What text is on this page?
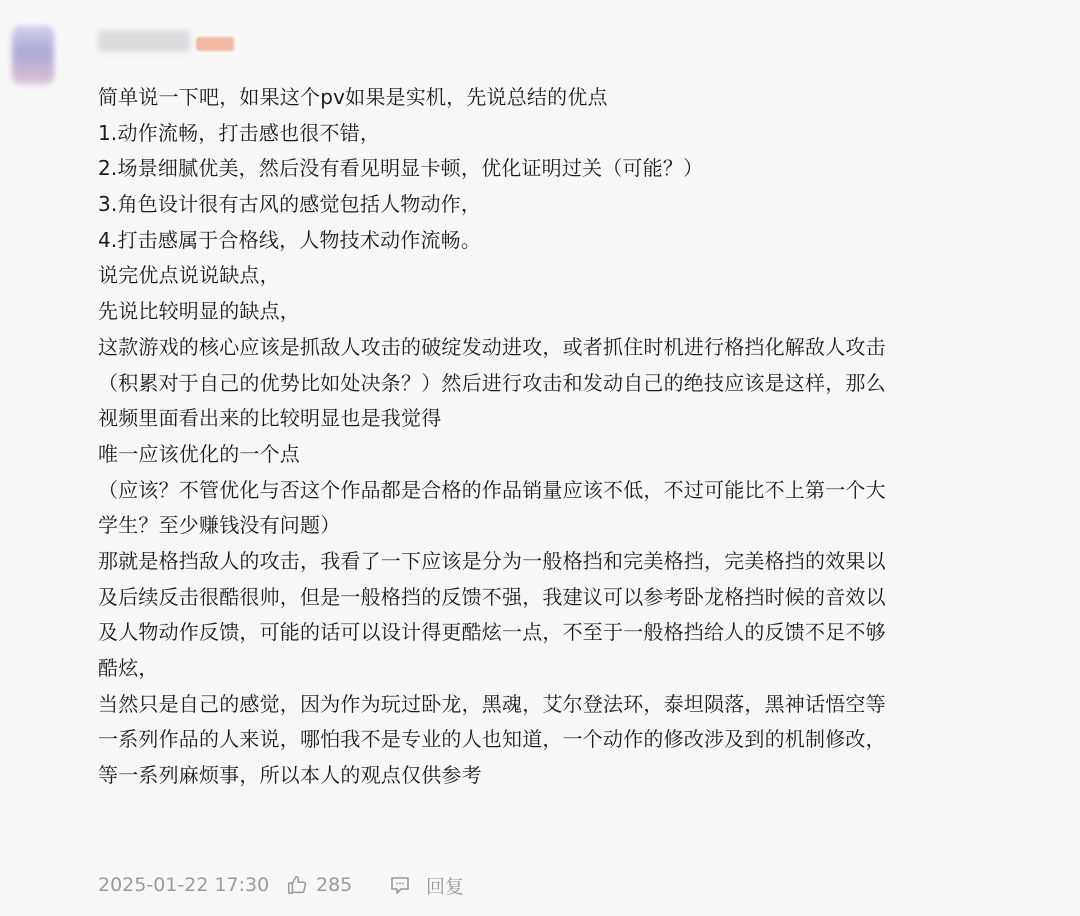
简单说一下吧，如果这个pv如果是实机，先说总结的优点
1.动作流畅，打击感也很不错，
2.场景细腻优美，然后没有看见明显卡顿，优化证明过关（可能？）
3.角色设计很有古风的感觉包括人物动作，
4.打击感属于合格线，人物技术动作流畅。
说完优点说说缺点，
先说比较明显的缺点，
这款游戏的核心应该是抓敌人攻击的破绽发动进攻，或者抓住时机进行格挡化解敌人攻击
（积累对于自己的优势比如处决条？）然后进行攻击和发动自己的绝技应该是这样，那么
视频里面看出来的比较明显也是我觉得
唯一应该优化的一个点
（应该？不管优化与否这个作品都是合格的作品销量应该不低，不过可能比不上第一个大
学生？至少赚钱没有问题）
那就是格挡敌人的攻击，我看了一下应该是分为一般格挡和完美格挡，完美格挡的效果以
及后续反击很酷很帅，但是一般格挡的反馈不强，我建议可以参考卧龙格挡时候的音效以
及人物动作反馈，可能的话可以设计得更酷炫一点，不至于一般格挡给人的反馈不足不够
酷炫，
当然只是自己的感觉，因为作为玩过卧龙，黑魂，艾尔登法环，泰坦陨落，黑神话悟空等
一系列作品的人来说，哪怕我不是专业的人也知道，一个动作的修改涉及到的机制修改，
等一系列麻烦事，所以本人的观点仅供参考
2025-01-22 17:30	285	回复
